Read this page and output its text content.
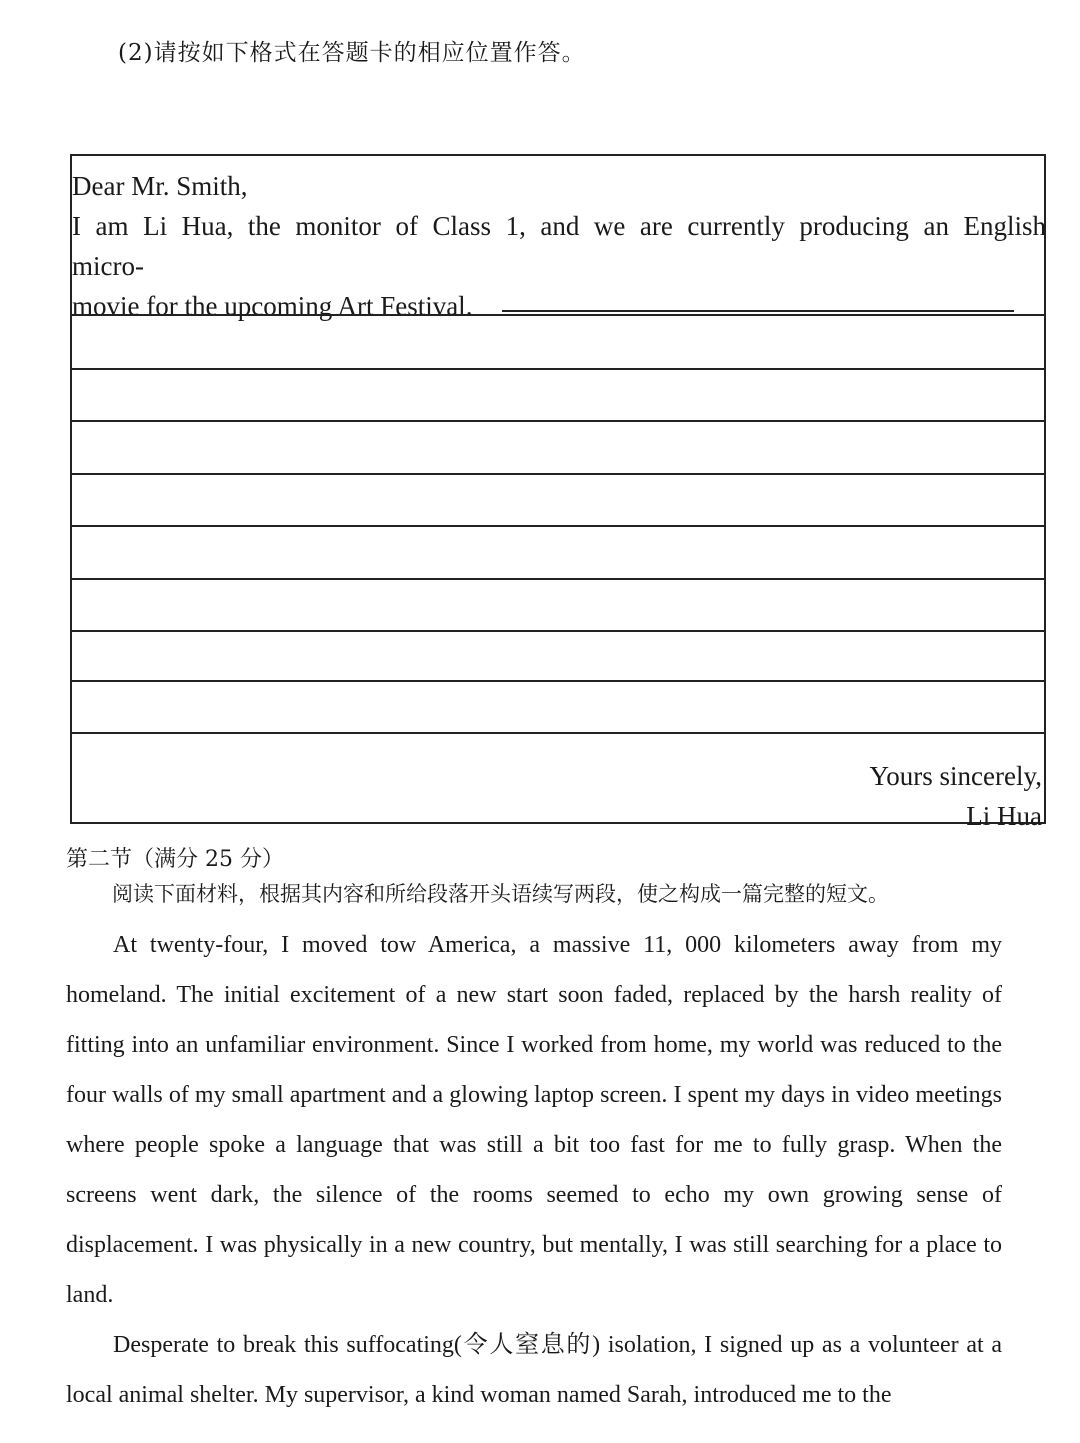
(2)请按如下格式在答题卡的相应位置作答。
Dear Mr. Smith,
I am Li Hua, the monitor of Class 1, and we are currently producing an English
micro-
movie for the upcoming Art Festival.
Yours sincerely,
Li Hua
第二节（满分 25 分）
阅读下面材料，根据其内容和所给段落开头语续写两段，使之构成一篇完整的短文。

At twenty-four, I moved tow America, a massive 11, 000 kilometers away from my homeland. The initial excitement of a new start soon faded, replaced by the harsh reality of fitting into an unfamiliar environment. Since I worked from home, my world was reduced to the four walls of my small apartment and a glowing laptop screen. I spent my days in video meetings where people spoke a language that was still a bit too fast for me to fully grasp. When the screens went dark, the silence of the rooms seemed to echo my own growing sense of displacement. I was physically in a new country, but mentally, I was still searching for a place to land.

Desperate to break this suffocating(令人窒息的) isolation, I signed up as a volunteer at a local animal shelter. My supervisor, a kind woman named Sarah, introduced me to the
